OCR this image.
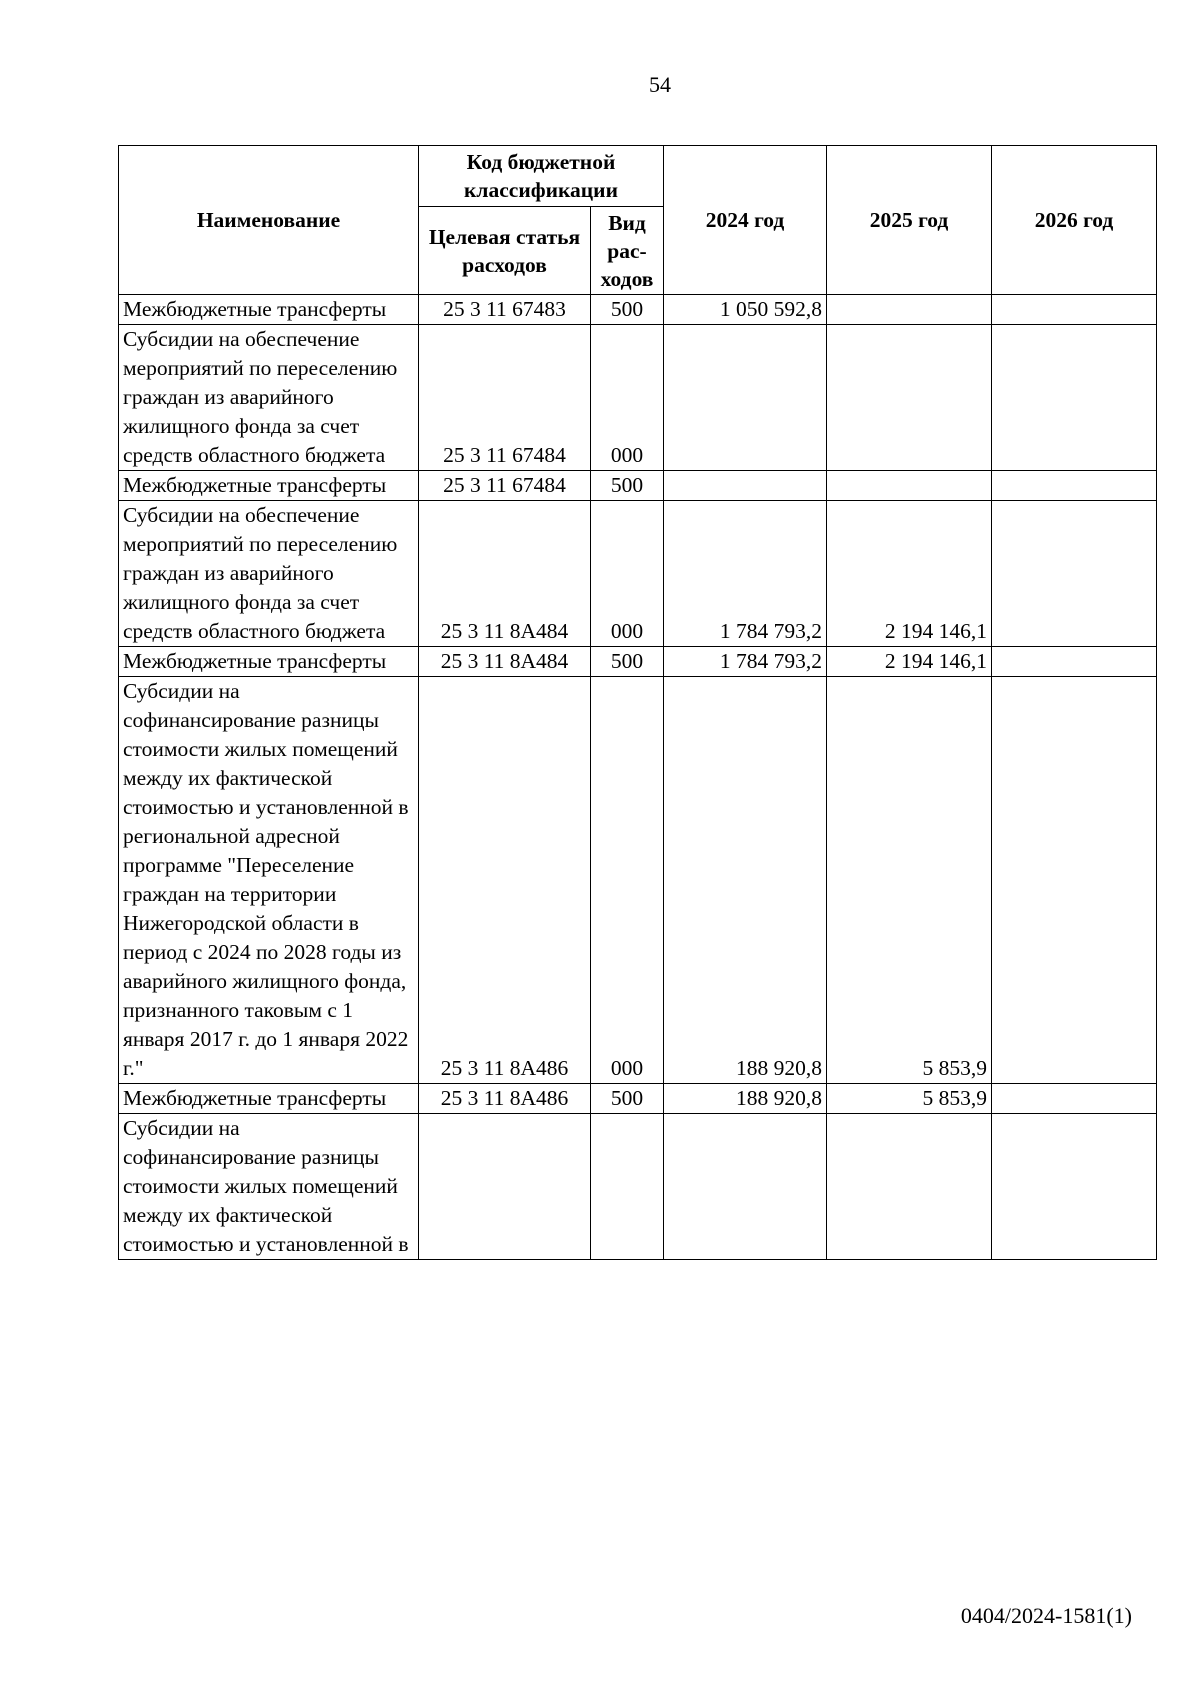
54
Наименование	Код бюджетной классификации		2024 год	2025 год	2026 год
	Целевая статья расходов	Вид рас-ходов			
Межбюджетные трансферты	25 3 11 67483	500	1 050 592,8		
Субсидии на обеспечение мероприятий по переселению граждан из аварийного жилищного фонда за счет средств областного бюджета	25 3 11 67484	000			
Межбюджетные трансферты	25 3 11 67484	500			
Субсидии на обеспечение мероприятий по переселению граждан из аварийного жилищного фонда за счет средств областного бюджета	25 3 11 8А484	000	1 784 793,2	2 194 146,1	
Межбюджетные трансферты	25 3 11 8А484	500	1 784 793,2	2 194 146,1	
Субсидии на софинансирование разницы стоимости жилых помещений между их фактической стоимостью и установленной в региональной адресной программе "Переселение граждан на территории Нижегородской области в период с 2024 по 2028 годы из аварийного жилищного фонда, признанного таковым с 1 января 2017 г. до 1 января 2022 г."	25 3 11 8А486	000	188 920,8	5 853,9	
Межбюджетные трансферты	25 3 11 8А486	500	188 920,8	5 853,9	
Субсидии на софинансирование разницы стоимости жилых помещений между их фактической стоимостью и установленной в					
0404/2024-1581(1)
